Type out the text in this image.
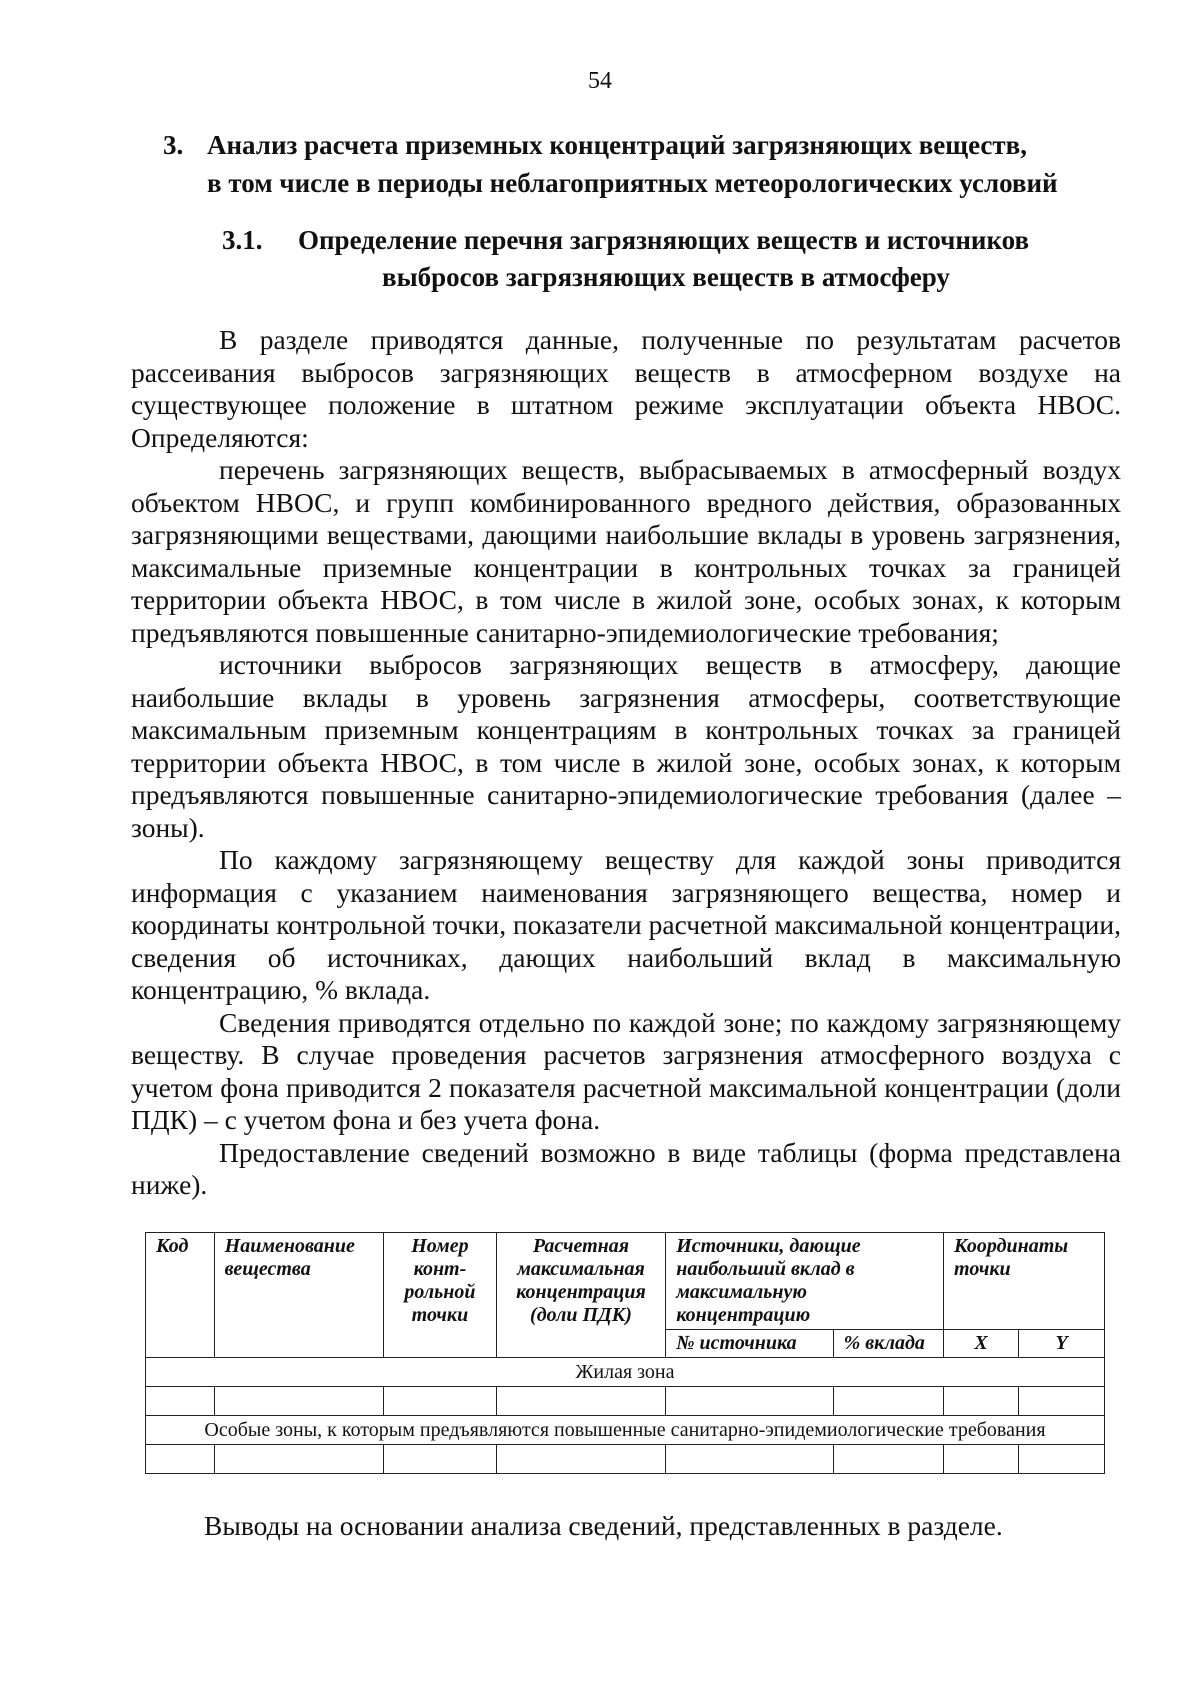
54
3. Анализ расчета приземных концентраций загрязняющих веществ,
в том числе в периоды неблагоприятных метеорологических условий
3.1. Определение перечня загрязняющих веществ и источников
выбросов загрязняющих веществ в атмосферу

В разделе приводятся данные, полученные по результатам расчетов рассеивания выбросов загрязняющих веществ в атмосферном воздухе на существующее положение в штатном режиме эксплуатации объекта НВОС. Определяются:

перечень загрязняющих веществ, выбрасываемых в атмосферный воздух объектом НВОС, и групп комбинированного вредного действия, образованных загрязняющими веществами, дающими наибольшие вклады в уровень загрязнения, максимальные приземные концентрации в контрольных точках за границей территории объекта НВОС, в том числе в жилой зоне, особых зонах, к которым предъявляются повышенные санитарно-эпидемиологические требования;

источники выбросов загрязняющих веществ в атмосферу, дающие наибольшие вклады в уровень загрязнения атмосферы, соответствующие максимальным приземным концентрациям в контрольных точках за границей территории объекта НВОС, в том числе в жилой зоне, особых зонах, к которым предъявляются повышенные санитарно-эпидемиологические требования (далее – зоны).

По каждому загрязняющему веществу для каждой зоны приводится информация с указанием наименования загрязняющего вещества, номер и координаты контрольной точки, показатели расчетной максимальной концентрации, сведения об источниках, дающих наибольший вклад в максимальную концентрацию, % вклада.

Сведения приводятся отдельно по каждой зоне; по каждому загрязняющему веществу. В случае проведения расчетов загрязнения атмосферного воздуха с учетом фона приводится 2 показателя расчетной максимальной концентрации (доли ПДК) – с учетом фона и без учета фона.

Предоставление сведений возможно в виде таблицы (форма представлена ниже).

Код	Наименование вещества	Номер конт-рольной точки	Расчетная максимальная концентрация (доли ПДК)	Источники, дающие наибольший вклад в максимальную концентрацию		Координаты точки	
				№ источника	% вклада	X	Y
Жилая зона							

Особые зоны, к которым предъявляются повышенные санитарно-эпидемиологические требования							

Выводы на основании анализа сведений, представленных в разделе.
